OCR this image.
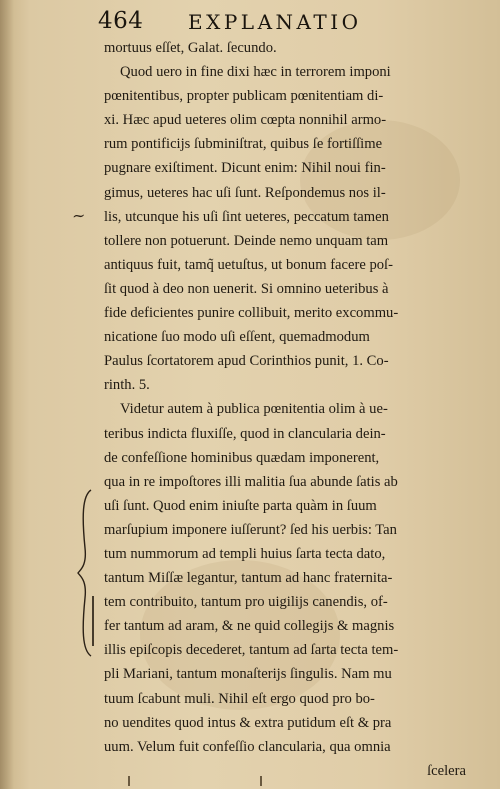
464 EXPLANATIO
~
mortuus eſſet, Galat. ſecundo.
Quod uero in fine dixi hæc in terrorem imponi
pœnitentibus, propter publicam pœnitentiam di-
xi. Hæc apud ueteres olim cœpta nonnihil armo-
rum pontificijs ſubminiſtrat, quibus ſe fortiſſime
pugnare exiſtiment. Dicunt enim: Nihil noui fin-
gimus, ueteres hac uſi ſunt. Reſpondemus nos il-
lis, utcunque his uſi ſint ueteres, peccatum tamen
tollere non potuerunt. Deinde nemo unquam tam
antiquus fuit, tamq̃ uetuſtus, ut bonum facere poſ-
ſit quod à deo non uenerit. Si omnino ueteribus à
fide deficientes punire collibuit, merito excommu-
nicatione ſuo modo uſi eſſent, quemadmodum
Paulus ſcortatorem apud Corinthios punit, 1. Co-
rinth. 5.
Videtur autem à publica pœnitentia olim à ue-
teribus indicta fluxiſſe, quod in clancularia dein-
de confeſſione hominibus quædam imponerent,
qua in re impoſtores illi malitia ſua abunde ſatis ab
uſi ſunt. Quod enim iniuſte parta quàm in ſuum
marſupium imponere iuſſerunt? ſed his uerbis: Tan
tum nummorum ad templi huius ſarta tecta dato,
tantum Miſſæ legantur, tantum ad hanc fraternita-
tem contribuito, tantum pro uigilijs canendis, of-
fer tantum ad aram, & ne quid collegijs & magnis
illis epiſcopis decederet, tantum ad ſarta tecta tem-
pli Mariani, tantum monaſterijs ſingulis. Nam mu
tuum ſcabunt muli. Nihil eſt ergo quod pro bo-
no uendites quod intus & extra putidum eſt & pra
uum. Velum fuit confeſſio clancularia, qua omnia
ſcelera
